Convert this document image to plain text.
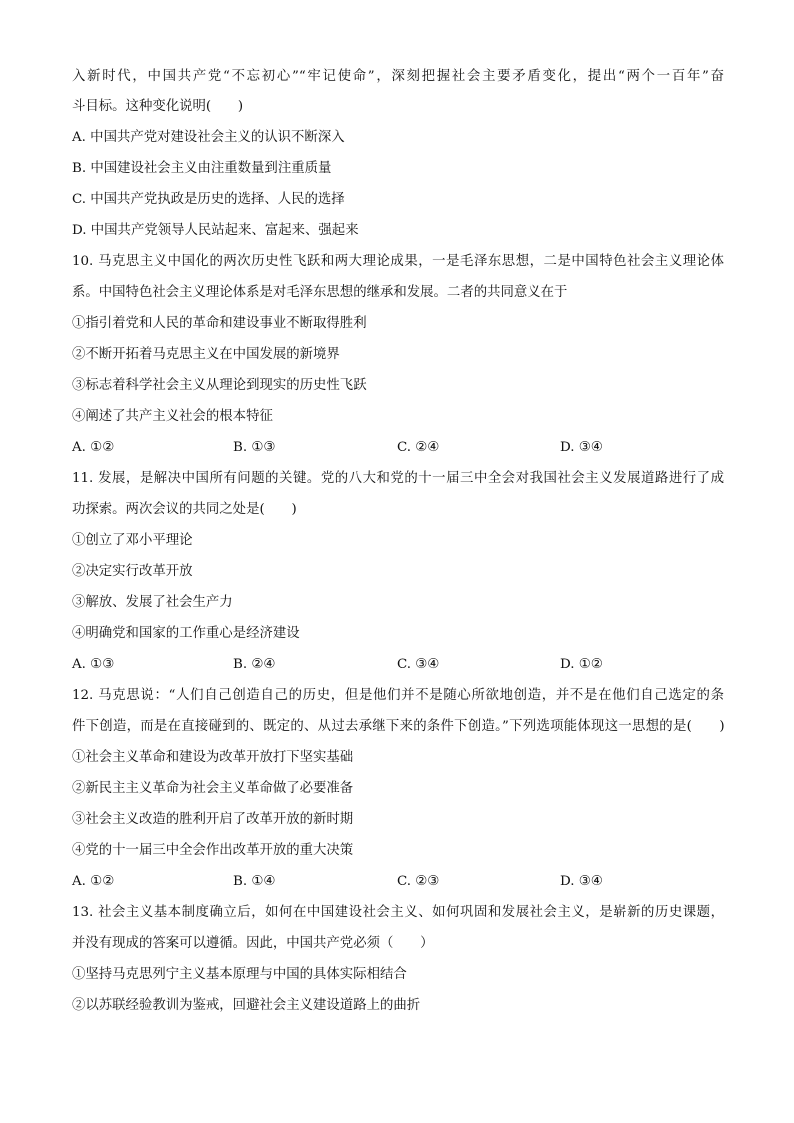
入新时代，中国共产党“不忘初心”“牢记使命”，深刻把握社会主要矛盾变化，提出“两个一百年”奋
斗目标。这种变化说明(　　)
A. 中国共产党对建设社会主义的认识不断深入
B. 中国建设社会主义由注重数量到注重质量
C. 中国共产党执政是历史的选择、人民的选择
D. 中国共产党领导人民站起来、富起来、强起来
10. 马克思主义中国化的两次历史性飞跃和两大理论成果，一是毛泽东思想，二是中国特色社会主义理论体
系。中国特色社会主义理论体系是对毛泽东思想的继承和发展。二者的共同意义在于
①指引着党和人民的革命和建设事业不断取得胜利
②不断开拓着马克思主义在中国发展的新境界
③标志着科学社会主义从理论到现实的历史性飞跃
④阐述了共产主义社会的根本特征
A. ①②	B. ①③	C. ②④	D. ③④
11. 发展，是解决中国所有问题的关键。党的八大和党的十一届三中全会对我国社会主义发展道路进行了成
功探索。两次会议的共同之处是(　　)
①创立了邓小平理论
②决定实行改革开放
③解放、发展了社会生产力
④明确党和国家的工作重心是经济建设
A. ①③	B. ②④	C. ③④	D. ①②
12. 马克思说：“人们自己创造自己的历史，但是他们并不是随心所欲地创造，并不是在他们自己选定的条
件下创造，而是在直接碰到的、既定的、从过去承继下来的条件下创造。”下列选项能体现这一思想的是(　　)
①社会主义革命和建设为改革开放打下坚实基础
②新民主主义革命为社会主义革命做了必要准备
③社会主义改造的胜利开启了改革开放的新时期
④党的十一届三中全会作出改革开放的重大决策
A. ①②	B. ①④	C. ②③	D. ③④
13. 社会主义基本制度确立后，如何在中国建设社会主义、如何巩固和发展社会主义，是崭新的历史课题，
并没有现成的答案可以遵循。因此，中国共产党必须（　　）
①坚持马克思列宁主义基本原理与中国的具体实际相结合
②以苏联经验教训为鉴戒，回避社会主义建设道路上的曲折
